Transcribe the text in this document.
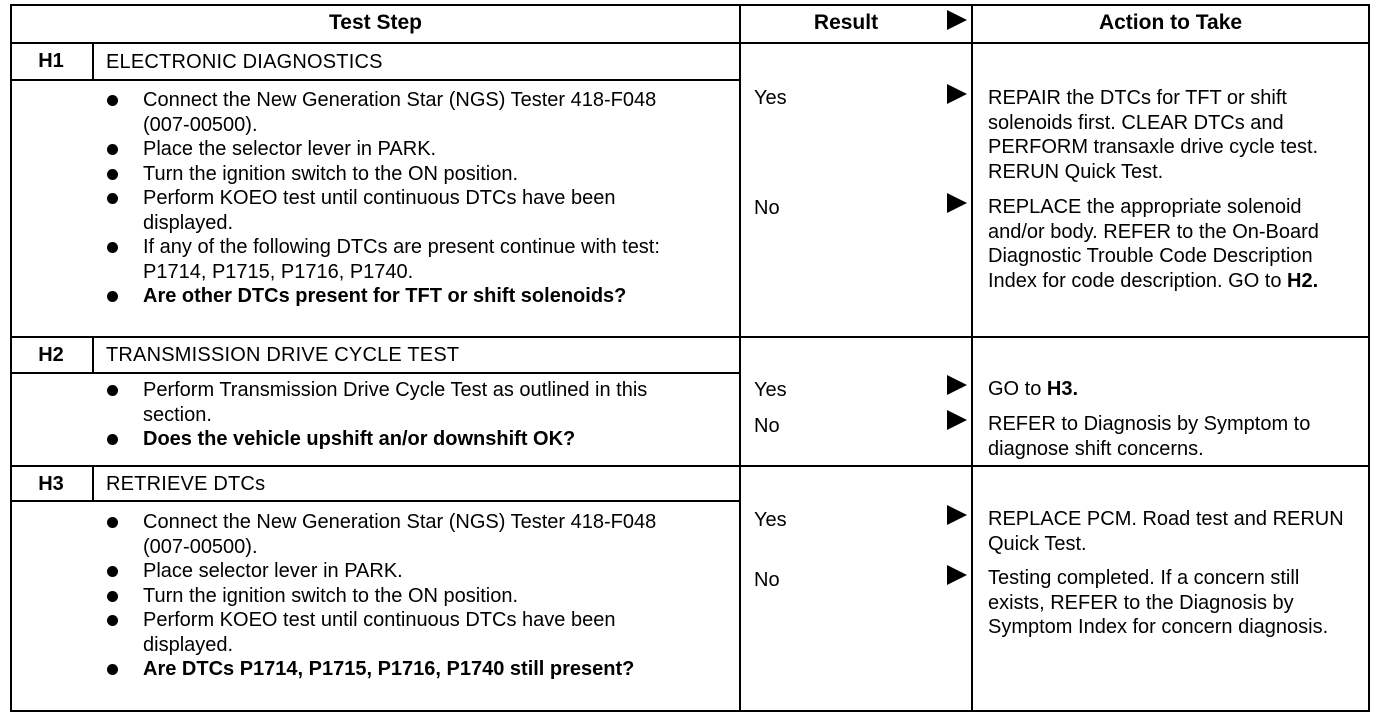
Test Step	Result	Action to Take
H1	ELECTRONIC DIAGNOSTICS
Connect the New Generation Star (NGS) Tester 418-F048 (007-00500).
Place the selector lever in PARK.
Turn the ignition switch to the ON position.
Perform KOEO test until continuous DTCs have been displayed.
If any of the following DTCs are present continue with test: P1714, P1715, P1716, P1740.
Are other DTCs present for TFT or shift solenoids?
Yes	REPAIR the DTCs for TFT or shift solenoids first. CLEAR DTCs and PERFORM transaxle drive cycle test. RERUN Quick Test.
No	REPLACE the appropriate solenoid and/or body. REFER to the On-Board Diagnostic Trouble Code Description Index for code description. GO to H2.
H2	TRANSMISSION DRIVE CYCLE TEST
Perform Transmission Drive Cycle Test as outlined in this section.
Does the vehicle upshift an/or downshift OK?
Yes	GO to H3.
No	REFER to Diagnosis by Symptom to diagnose shift concerns.
H3	RETRIEVE DTCs
Connect the New Generation Star (NGS) Tester 418-F048 (007-00500).
Place selector lever in PARK.
Turn the ignition switch to the ON position.
Perform KOEO test until continuous DTCs have been displayed.
Are DTCs P1714, P1715, P1716, P1740 still present?
Yes	REPLACE PCM. Road test and RERUN Quick Test.
No	Testing completed. If a concern still exists, REFER to the Diagnosis by Symptom Index for concern diagnosis.
